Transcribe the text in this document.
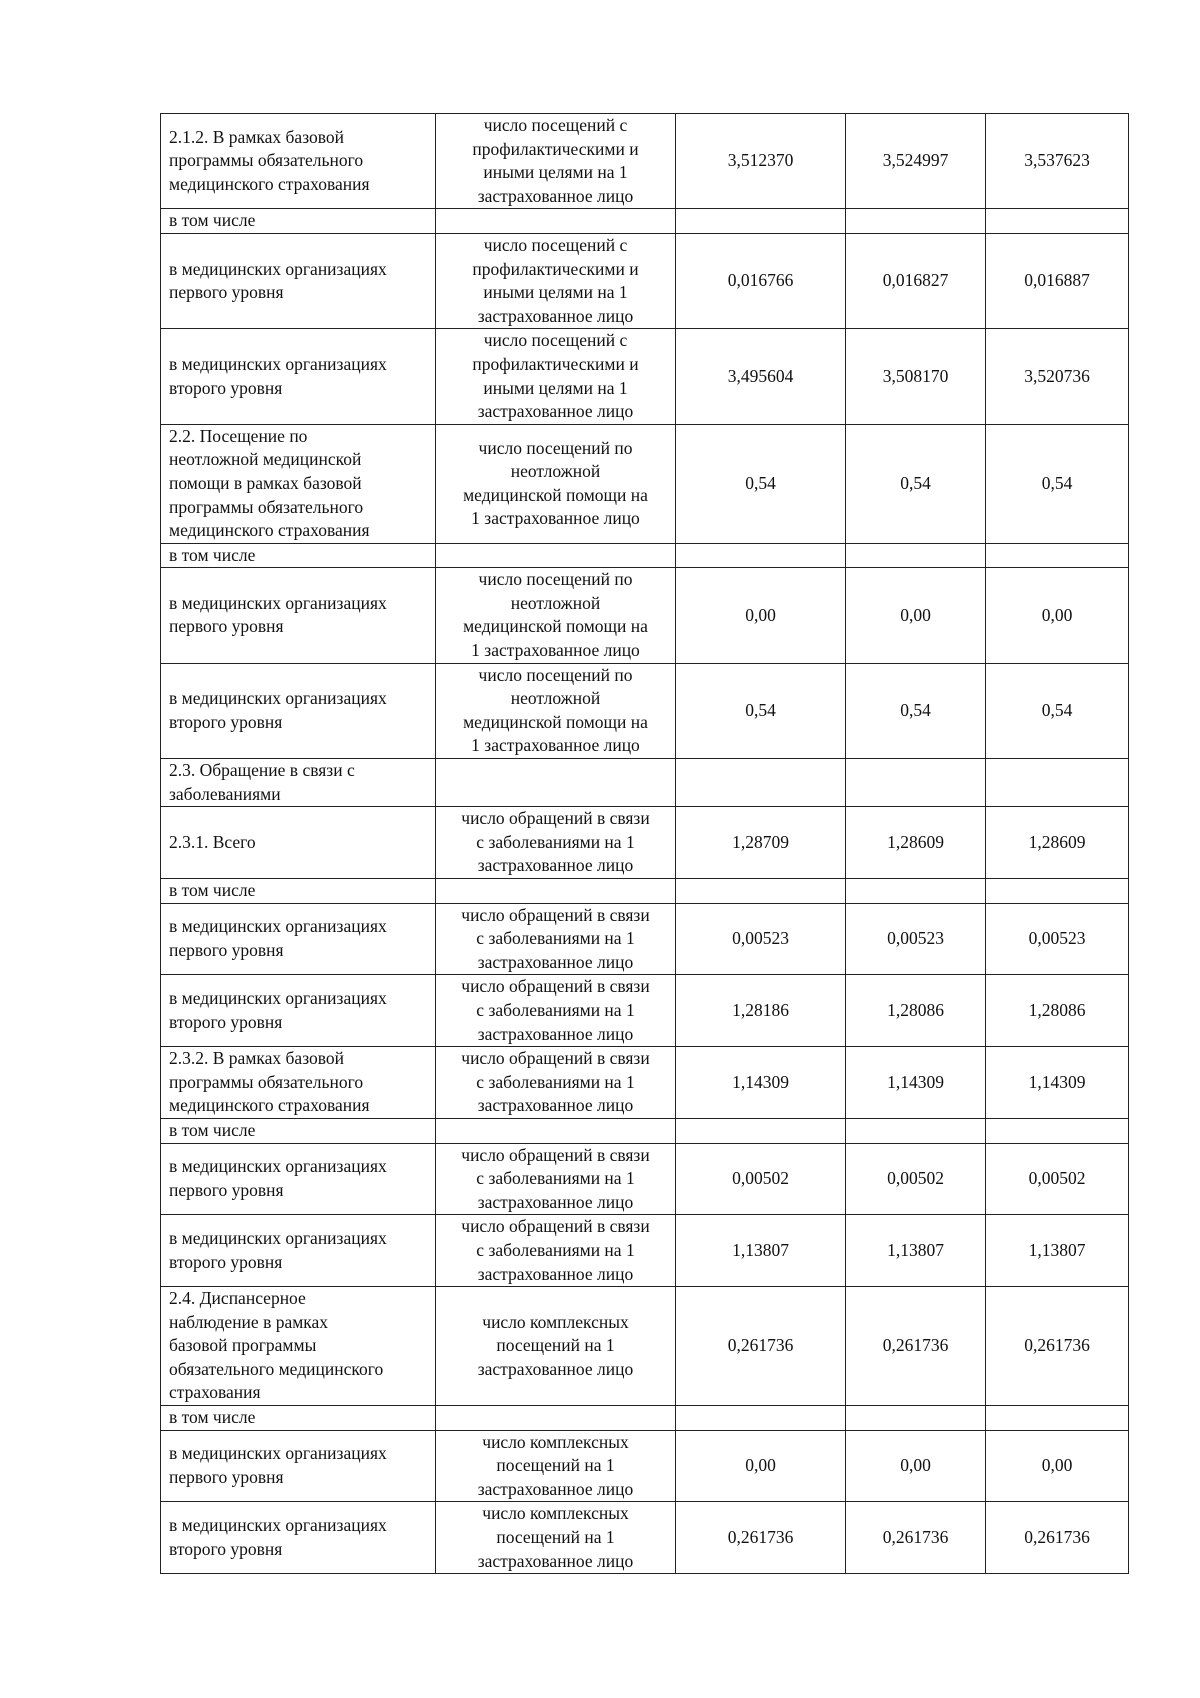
2.1.2. В рамках базовой
программы обязательного
медицинского страхования	число посещений с
профилактическими и
иными целями на 1
застрахованное лицо	3,512370	3,524997	3,537623
в том числе				
в медицинских организациях
первого уровня	число посещений с
профилактическими и
иными целями на 1
застрахованное лицо	0,016766	0,016827	0,016887
в медицинских организациях
второго уровня	число посещений с
профилактическими и
иными целями на 1
застрахованное лицо	3,495604	3,508170	3,520736
2.2. Посещение по
неотложной медицинской
помощи в рамках базовой
программы обязательного
медицинского страхования	число посещений по
неотложной
медицинской помощи на
1 застрахованное лицо	0,54	0,54	0,54
в том числе				
в медицинских организациях
первого уровня	число посещений по
неотложной
медицинской помощи на
1 застрахованное лицо	0,00	0,00	0,00
в медицинских организациях
второго уровня	число посещений по
неотложной
медицинской помощи на
1 застрахованное лицо	0,54	0,54	0,54
2.3. Обращение в связи с
заболеваниями				
2.3.1. Всего	число обращений в связи
с заболеваниями на 1
застрахованное лицо	1,28709	1,28609	1,28609
в том числе				
в медицинских организациях
первого уровня	число обращений в связи
с заболеваниями на 1
застрахованное лицо	0,00523	0,00523	0,00523
в медицинских организациях
второго уровня	число обращений в связи
с заболеваниями на 1
застрахованное лицо	1,28186	1,28086	1,28086
2.3.2. В рамках базовой
программы обязательного
медицинского страхования	число обращений в связи
с заболеваниями на 1
застрахованное лицо	1,14309	1,14309	1,14309
в том числе				
в медицинских организациях
первого уровня	число обращений в связи
с заболеваниями на 1
застрахованное лицо	0,00502	0,00502	0,00502
в медицинских организациях
второго уровня	число обращений в связи
с заболеваниями на 1
застрахованное лицо	1,13807	1,13807	1,13807
2.4. Диспансерное
наблюдение в рамках
базовой программы
обязательного медицинского
страхования	число комплексных
посещений на 1
застрахованное лицо	0,261736	0,261736	0,261736
в том числе				
в медицинских организациях
первого уровня	число комплексных
посещений на 1
застрахованное лицо	0,00	0,00	0,00
в медицинских организациях
второго уровня	число комплексных
посещений на 1
застрахованное лицо	0,261736	0,261736	0,261736
